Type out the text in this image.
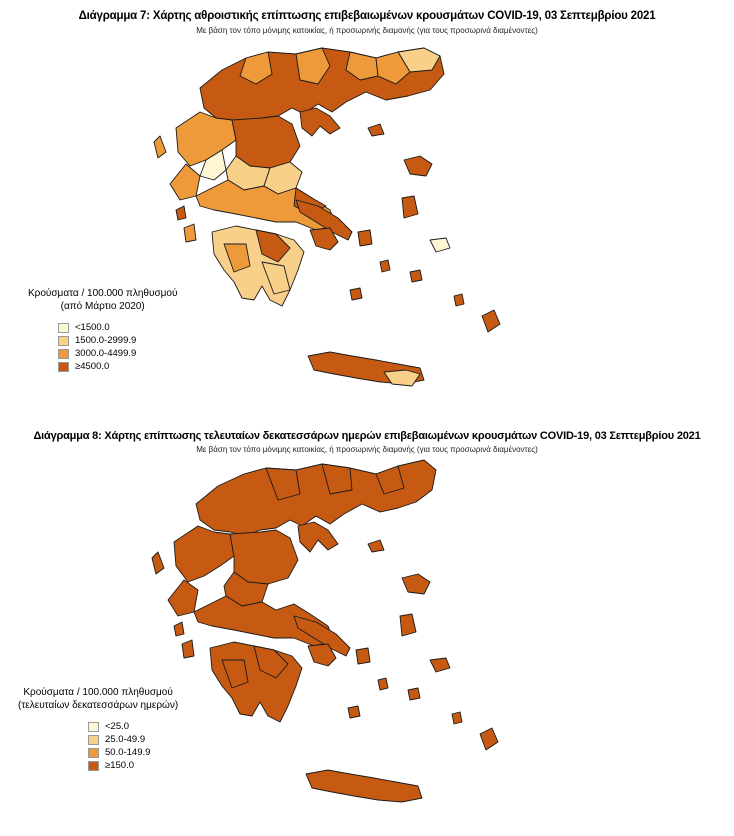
Διάγραμμα 7: Χάρτης αθροιστικής επίπτωσης επιβεβαιωμένων κρουσμάτων COVID-19, 03 Σεπτεμβρίου 2021
Με βάση τον τόπο μόνιμης κατοικίας, ή προσωρινής διαμονής (για τους προσωρινά διαμένοντες)
Κρούσματα / 100.000 πληθυσμού
(από Μάρτιο 2020)
<1500.0
1500.0-2999.9
3000.0-4499.9
≥4500.0
Διάγραμμα 8: Χάρτης επίπτωσης τελευταίων δεκατεσσάρων ημερών επιβεβαιωμένων κρουσμάτων COVID-19, 03 Σεπτεμβρίου 2021
Με βάση τον τόπο μόνιμης κατοικίας, ή προσωρινής διαμονής (για τους προσωρινά διαμένοντες)
Κρούσματα / 100.000 πληθυσμού
(τελευταίων δεκατεσσάρων ημερών)
<25.0
25.0-49.9
50.0-149.9
≥150.0
